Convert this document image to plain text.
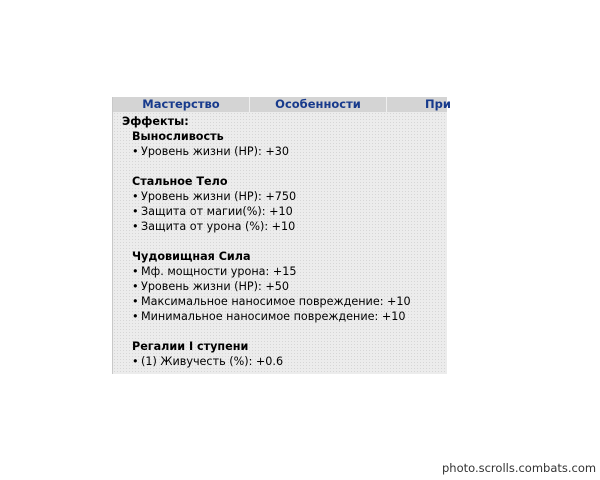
Мастерство	Особенности	При
Эффекты:
Выносливость
• Уровень жизни (HP): +30
Стальное Тело
• Уровень жизни (HP): +750
• Защита от магии(%): +10
• Защита от урона (%): +10
Чудовищная Сила
• Мф. мощности урона: +15
• Уровень жизни (HP): +50
• Максимальное наносимое повреждение: +10
• Минимальное наносимое повреждение: +10
Регалии I ступени
• (1) Живучесть (%): +0.6
photo.scrolls.combats.com
